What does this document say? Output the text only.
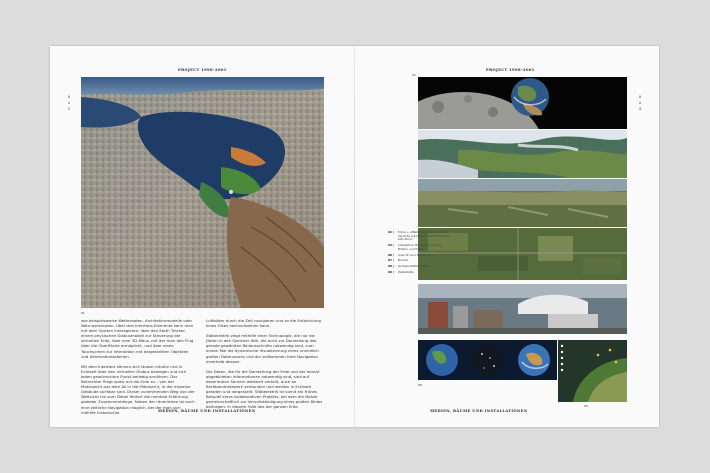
PROJECT 1998–2001
0
2
1
01

wie beispielsweise Wetterdaten, Architekturmodelle oder Netz-werkrouten. Über drei Interface-Elemente kann man mit dem System interagieren: über den Earth Tracker, einem physischen Globusmodell zur Steuerung der virtuellen Erde, über eine 3D-Maus, mit der man den Flug über die Oberfläche ermöglicht, und über einen Touchscreen zur Interaktion mit dargestellten Objekten und Informationsebenen.

Mit dem Interface können sich Nutzer intuitiv und in Echtzeit über den virtuellen Globus bewegen und sich jeden gewünschten Punkt beliebig annähern. Der Betrachter fliegt quasi auf die Erde zu – von der Makrosicht aus dem All in die Mikrosicht, in der einzelne Gebäude sichtbar sind. Dieser zunehmenden Weg von der Weltsicht hin zum Detail fördert die mentale Erfahrung globaler Zusammenhänge. Neben der räumlichen ist auch eine zeitliche Navigation möglich, bei der man sich mithilfe historischer

Luftbilder durch die Zeit navigieren und so die Entwicklung eines Ortes nachvollziehen kann.

Stäbelektrik zeigt mithilfe einer Technologie, die nur die Daten in den Speicher lädt, die auch zur Darstellung des gerade gewählten Bildausschnitts notwendig sind, zum ersten Mal die dynamische Visualisierung eines unendlich großen Datenraums und die vollkommen freie Navigation innerhalb dessen.

Die Daten, die für die Darstellung der Erde und der darauf abgebildeten Informationen notwendig sind, sind auf dezentralen Servern weltweit verteilt, auch an Breitbandnetzwerk verbunden und werden in Echtzeit geladen und dargestellt. Stäbelektrik ist somit ein frühes Beispiel eines kollaborativen Projekts, bei dem die Nutzer gemeinschaftlich zur Vervollständigung eines großen Bildes beitragen: in diesem Falle das der ganzen Erde.

MEDIEN, RÄUME UND INSTALLATIONEN
PROJECT 1998–2001
02
0
2
3
02 |	Fotos + effekt-Zoom vom Mond in die Erde auf Detailansicht Flughafen Köln-Bonn
03 |	Interaktive 3D-Umgebung mit Bildern und Daten
06 |	Ansicht vom Kölner Dom
07 |	Brücke
08 |	Globale Wetterdaten
09 |	Weltstädte
08
09
MEDIEN, RÄUME UND INSTALLATIONEN
